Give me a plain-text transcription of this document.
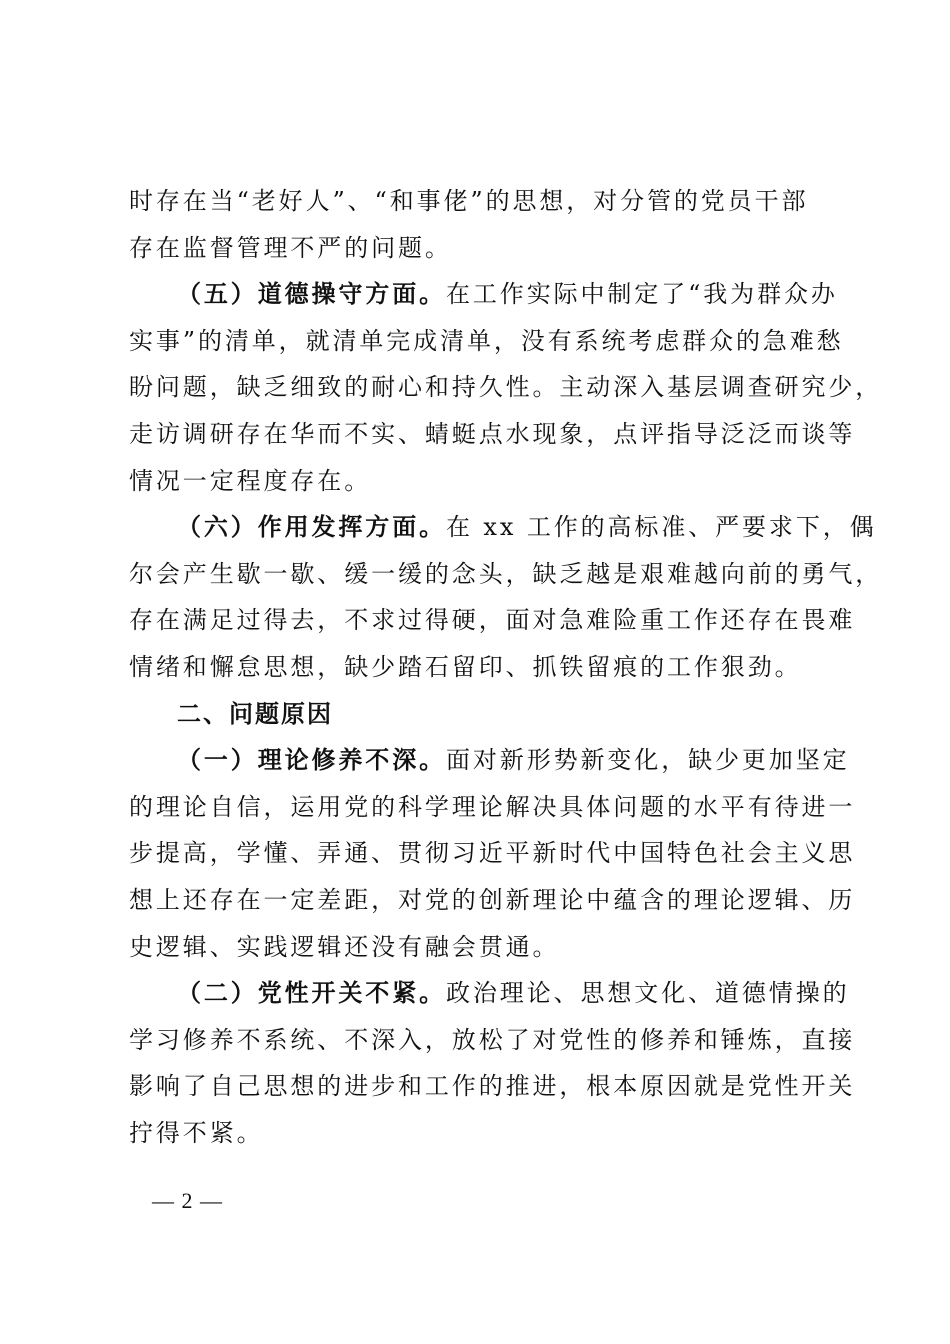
时存在当“老好人”、“和事佬”的思想，对分管的党员干部
存在监督管理不严的问题。
（五）道德操守方面。在工作实际中制定了“我为群众办
实事”的清单，就清单完成清单，没有系统考虑群众的急难愁
盼问题，缺乏细致的耐心和持久性。主动深入基层调查研究少，
走访调研存在华而不实、蜻蜓点水现象，点评指导泛泛而谈等
情况一定程度存在。
（六）作用发挥方面。在 xx 工作的高标准、严要求下，偶
尔会产生歇一歇、缓一缓的念头，缺乏越是艰难越向前的勇气，
存在满足过得去，不求过得硬，面对急难险重工作还存在畏难
情绪和懈怠思想，缺少踏石留印、抓铁留痕的工作狠劲。
二、问题原因
（一）理论修养不深。面对新形势新变化，缺少更加坚定
的理论自信，运用党的科学理论解决具体问题的水平有待进一
步提高，学懂、弄通、贯彻习近平新时代中国特色社会主义思
想上还存在一定差距，对党的创新理论中蕴含的理论逻辑、历
史逻辑、实践逻辑还没有融会贯通。
（二）党性开关不紧。政治理论、思想文化、道德情操的
学习修养不系统、不深入，放松了对党性的修养和锤炼，直接
影响了自己思想的进步和工作的推进，根本原因就是党性开关
拧得不紧。
— 2 —
